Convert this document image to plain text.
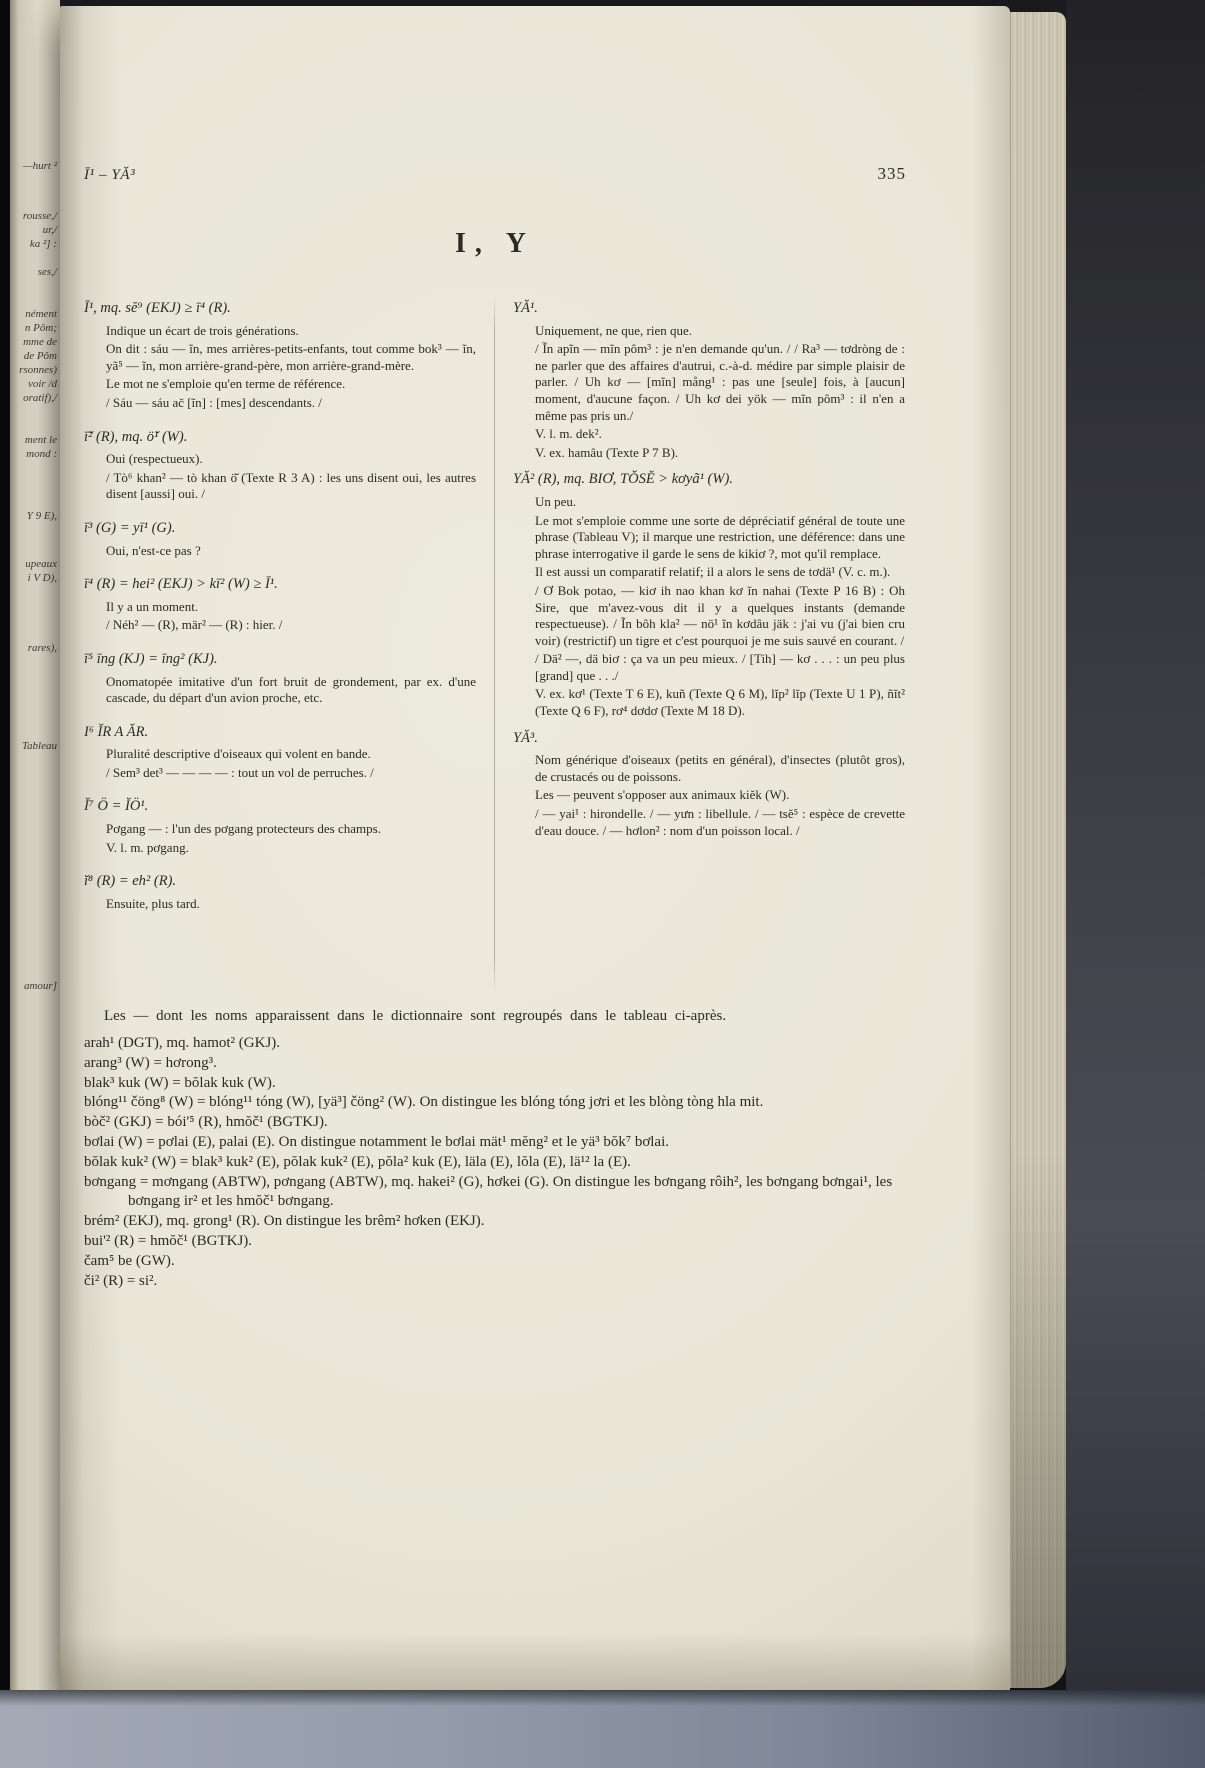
—hurt ²
rousse,/
ur,/
ka ²] :
ses,/
nément
n Pôm;
mme de
de Pôm
rsonnes)
voir /d
oratif),/
ment le
mond :
Y 9 E),
upeaux
i V D),
rares),
Tableau
amour]
Ī¹ – YĂ³	335
I, Y
Ī¹, mq. sĕ⁹ (EKJ) ≥ ī⁴ (R).

Indique un écart de trois générations.

On dit : sáu — ĩn, mes arrières-petits-enfants, tout comme bok³ — ĩn, yã⁵ — ĩn, mon arrière-grand-père, mon arrière-grand-mère.

Le mot ne s'emploie qu'en terme de référence.

/ Sáu — sáu ač [ĩn] : [mes] descendants. /

ī̆² (R), mq. ö̆¹ (W).

Oui (respectueux).

/ Tò⁶ khan² — tò khan ö̆ (Texte R 3 A) : les uns disent oui, les autres disent [aussi] oui. /

ī³ (G) = yī¹ (G).

Oui, n'est-ce pas ?

ī⁴ (R) = hei² (EKJ) > kī² (W) ≥ Ī¹.

Il y a un moment.

/ Néh² — (R), mär² — (R) : hier. /

ī⁵ īng (KJ) = īng² (KJ).

Onomatopée imitative d'un fort bruit de grondement, par ex. d'une cascade, du départ d'un avion proche, etc.

I⁶ ĬR A ĂR.

Pluralité descriptive d'oiseaux qui volent en bande.

/ Sem³ det³ — — — — : tout un vol de perruches. /

Ĭ⁷ Ö = ĬÖ¹.

Pơgang — : l'un des pơgang protecteurs des champs.

V. l. m. pơgang.

ĭ⁸ (R) = eh² (R).

Ensuite, plus tard.

YĂ¹.

Uniquement, ne que, rien que.

/ Ĩn apĩn — mĩn pôm³ : je n'en demande qu'un. / / Ra³ — tơdròng de : ne parler que des affaires d'autrui, c.-à-d. médire par simple plaisir de parler. / Uh kơ — [mĩn] mång¹ : pas une [seule] fois, à [aucun] moment, d'aucune façon. / Uh kơ dei yök — mĩn pôm³ : il n'en a même pas pris un./

V. l. m. dek².

V. ex. hamâu (Texte P 7 B).

YĂ² (R), mq. BIƠ, TŎSĔ > kơyã¹ (W).

Un peu.

Le mot s'emploie comme une sorte de dépréciatif général de toute une phrase (Tableau V); il marque une restriction, une déférence: dans une phrase interrogative il garde le sens de kikiơ ?, mot qu'il remplace.

Il est aussi un comparatif relatif; il a alors le sens de tơdä¹ (V. c. m.).

/ Ơ Bok potao, — kiơ ih nao khan kơ ĩn nahai (Texte P 16 B) : Oh Sire, que m'avez-vous dit il y a quelques instants (demande respectueuse). / Ĩn bôh kla² — nö¹ ĩn kơdâu jäk : j'ai vu (j'ai bien cru voir) (restrictif) un tigre et c'est pourquoi je me suis sauvé en courant. /

/ Dä² —, dä biơ : ça va un peu mieux. / [Tih] — kơ . . . : un peu plus [grand] que . . ./

V. ex. kơ¹ (Texte T 6 E), kuñ (Texte Q 6 M), lĭp² lĭp (Texte U 1 P), ñĭt² (Texte Q 6 F), rơ⁴ dơdơ (Texte M 18 D).

YĂ³.

Nom générique d'oiseaux (petits en général), d'insectes (plutôt gros), de crustacés ou de poissons.

Les — peuvent s'opposer aux animaux kiĕk (W).

/ — yai¹ : hirondelle. / — yưn : libellule. / — tsĕ⁵ : espèce de crevette d'eau douce. / — hơlon² : nom d'un poisson local. /

Les — dont les noms apparaissent dans le dictionnaire sont regroupés dans le tableau ci-après.

arah¹ (DGT), mq. hamot² (GKJ).

arang³ (W) = hơrong³.

blak³ kuk (W) = bŏlak kuk (W).

blóng¹¹ čöng⁸ (W) = blóng¹¹ tóng (W), [yä³] čöng² (W). On distingue les blóng tóng jơri et les blòng tòng hla mit.

bòč² (GKJ) = bói'⁵ (R), hmŏč¹ (BGTKJ).

bơlai (W) = pơlai (E), palai (E). On distingue notamment le bơlai mät¹ mĕng² et le yä³ bŏk⁷ bơlai.

bŏlak kuk² (W) = blak³ kuk² (E), pŏlak kuk² (E), pŏla² kuk (E), läla (E), lŏla (E), lä¹² la (E).

bơngang = mơngang (ABTW), pơngang (ABTW), mq. hakei² (G), hơkei (G). On distingue les bơngang rôih², les bơngang bơngai¹, les bơngang ir² et les hmŏč¹ bơngang.

brém² (EKJ), mq. grong¹ (R). On distingue les brêm² hơken (EKJ).

bui'² (R) = hmŏč¹ (BGTKJ).

čam⁵ be (GW).

či² (R) = si².
